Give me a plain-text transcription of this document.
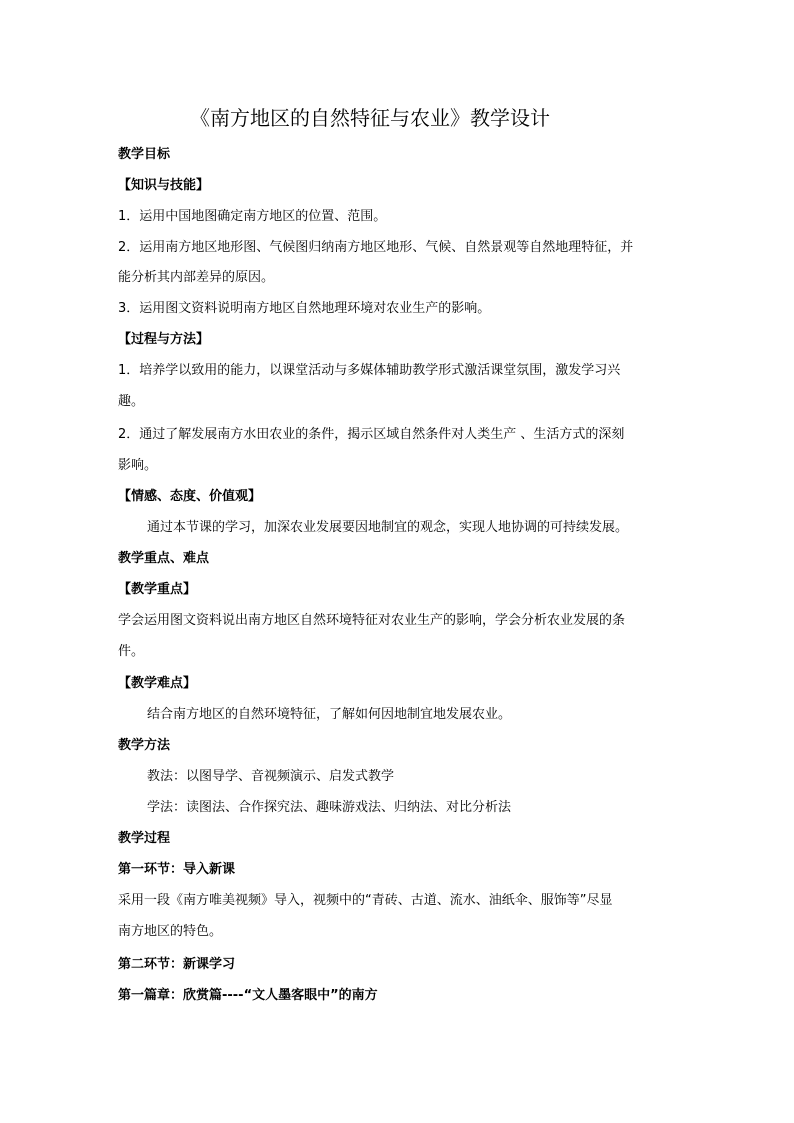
《南方地区的自然特征与农业》教学设计
教学目标
【知识与技能】
1．运用中国地图确定南方地区的位置、范围。
2．运用南方地区地形图、气候图归纳南方地区地形、气候、自然景观等自然地理特征，并
能分析其内部差异的原因。
3．运用图文资料说明南方地区自然地理环境对农业生产的影响。
【过程与方法】
1．培养学以致用的能力，以课堂活动与多媒体辅助教学形式激活课堂氛围，激发学习兴
趣。
2．通过了解发展南方水田农业的条件，揭示区域自然条件对人类生产 、生活方式的深刻
影响。
【情感、态度、价值观】
通过本节课的学习，加深农业发展要因地制宜的观念，实现人地协调的可持续发展。
教学重点、难点
【教学重点】
学会运用图文资料说出南方地区自然环境特征对农业生产的影响，学会分析农业发展的条
件。
【教学难点】
结合南方地区的自然环境特征，了解如何因地制宜地发展农业。
教学方法
教法：以图导学、音视频演示、启发式教学
学法：读图法、合作探究法、趣味游戏法、归纳法、对比分析法
教学过程
第一环节：导入新课
采用一段《南方唯美视频》导入，视频中的“青砖、古道、流水、油纸伞、服饰等”尽显
南方地区的特色。
第二环节：新课学习
第一篇章：欣赏篇----“文人墨客眼中”的南方
